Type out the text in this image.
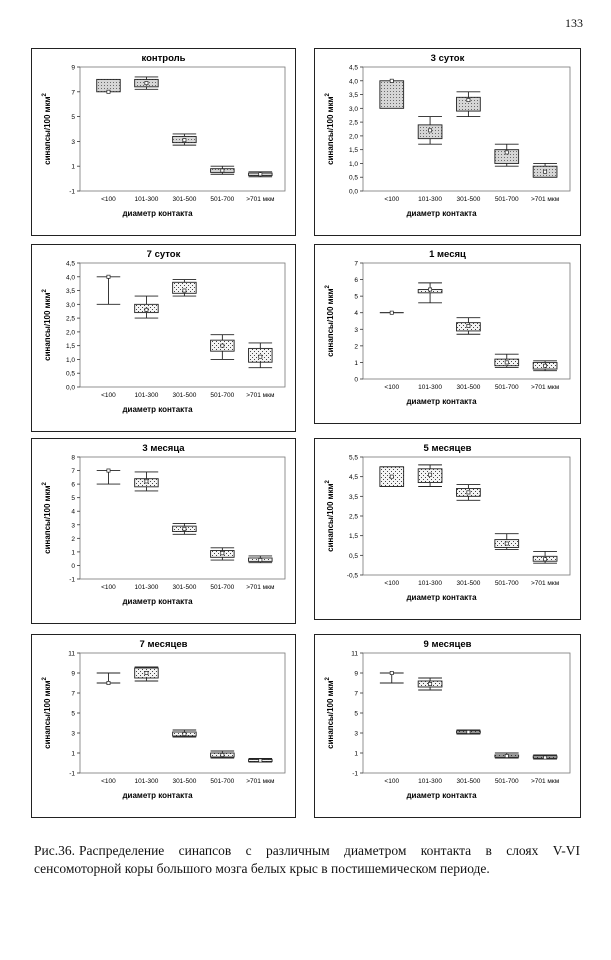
133
контроль
-1
1
3
5
7
9
синапсы/100 мкм$^2$
<100	101-300 301-500 501-700 >701 мкм
диаметр контакта
3 суток
0,0
0,5
1,0
1,5
2,0
2,5
3,0
3,5
4,0
4,5
синапсы/100 мкм$^2$
<100	101-300 301-500 501-700 >701 мкм
диаметр контакта
7 суток
0,0
0,5
1,0
1,5
2,0
2,5
3,0
3,5
4,0
4,5
синапсы/100 мкм$^2$
<100	101-300 301-500 501-700 >701 мкм
диаметр контакта
1 месяц
0
1
2
3
4
5
6
7
синапсы/100 мкм$^2$
<100	101-300 301-500 501-700 >701 мкм
диаметр контакта
3 месяца
-1
0
1
2
3
4
5
6
7
8
синапсы/100 мкм$^2$
<100	101-300 301-500 501-700 >701 мкм
диаметр контакта
5 месяцев
-0,5
0,5
1,5
2,5
3,5
4,5
5,5
синапсы/100 мкм$^2$
<100	101-300 301-500 501-700 >701 мкм
диаметр контакта
7 месяцев
-1
1
3
5
7
9
11
синапсы/100 мкм$^2$
<100	101-300 301-500 501-700 >701 мкм
диаметр контакта
9 месяцев
-1
1
3
5
7
9
11
синапсы/100 мкм$^2$
<100	101-300 301-500 501-700 >701 мкм
диаметр контакта
Рис.36. Распределение синапсов с различным диаметром контакта в слоях V-VI сенсомоторной коры большого мозга белых крыс в постишемическом периоде.
